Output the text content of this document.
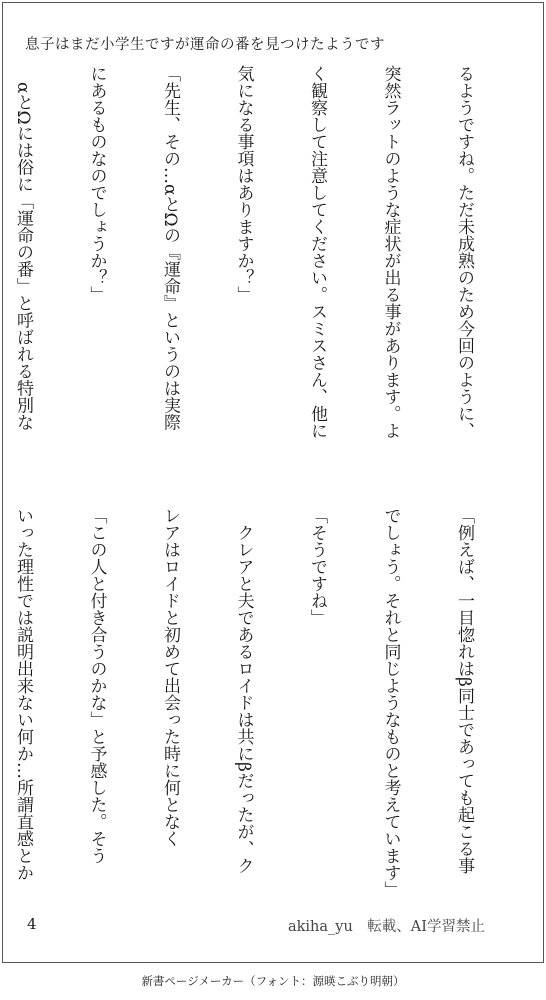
息子はまだ小学生ですが運命の番を見つけたようです

るようですね。ただ未成熟のため今回のように、

突然ラットのような症状が出る事があります。よ

く観察して注意してください。スミスさん、他に

気になる事項はありますか？」

「先生、その…αとΩの『運命』というのは実際

にあるものなのでしょうか？」

　αとΩには俗に「運命の番」と呼ばれる特別な

「例えば、一目惚れはβ同士であっても起こる事

でしょう。それと同じようなものと考えています」

「そうですね」

　クレアと夫であるロイドは共にβだったが、ク

レアはロイドと初めて出会った時に何となく

「この人と付き合うのかな」と予感した。そう

いった理性では説明出来ない何か…所謂直感とか

4	akiha_yu　転載、AI学習禁止
新書ページメーカー（フォント：源暎こぶり明朝）
